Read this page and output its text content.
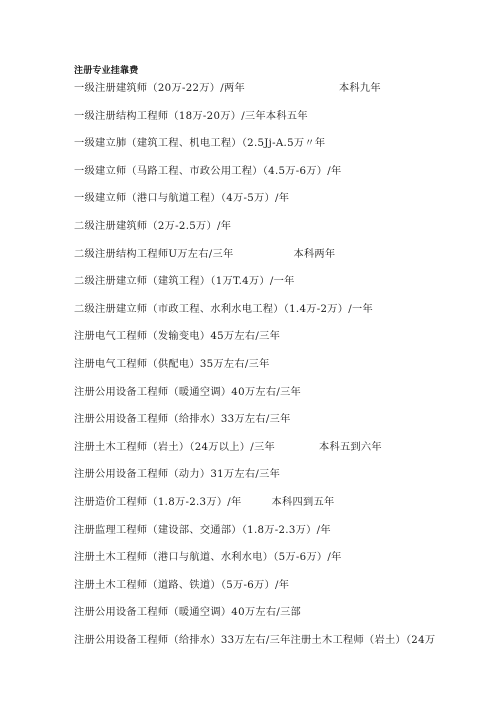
注册专业挂靠费
一级注册建筑师（20万-22万）/两年	本科九年
一级注册结构工程师（18万-20万）/三年本科五年
一级建立肺（建筑工程、机电工程）（2.5Jj-A.5万〃年
一级建立师（马路工程、市政公用工程）（4.5万-6万）/年
一级建立师（港口与航道工程）（4万-5万）/年
二级注册建筑师（2万-2.5万）/年
二级注册结构工程师U万左右/三年	本科两年
二级注册建立师（建筑工程）（1万T.4万）/一年
二级注册建立师（市政工程、水利水电工程）（1.4万-2万）/一年
注册电气工程师（发输变电）45万左右/三年
注册电气工程师（供配电）35万左右/三年
注册公用设备工程师（暖通空调）40万左右/三年
注册公用设备工程师（给排水）33万左右/三年
注册土木工程师（岩土）（24万以上）/三年	本科五到六年
注册公用设备工程师（动力）31万左右/三年
注册造价工程师（1.8万-2.3万）/年	本科四到五年
注册监理工程师（建设部、交通部）（1.8万-2.3万）/年
注册土木工程师（港口与航道、水利水电）（5万-6万）/年
注册土木工程师（道路、铁道）（5万-6万）/年
注册公用设备工程师（暖通空调）40万左右/三部
注册公用设备工程师（给排水）33万左右/三年注册土木工程师（岩土）（24万
